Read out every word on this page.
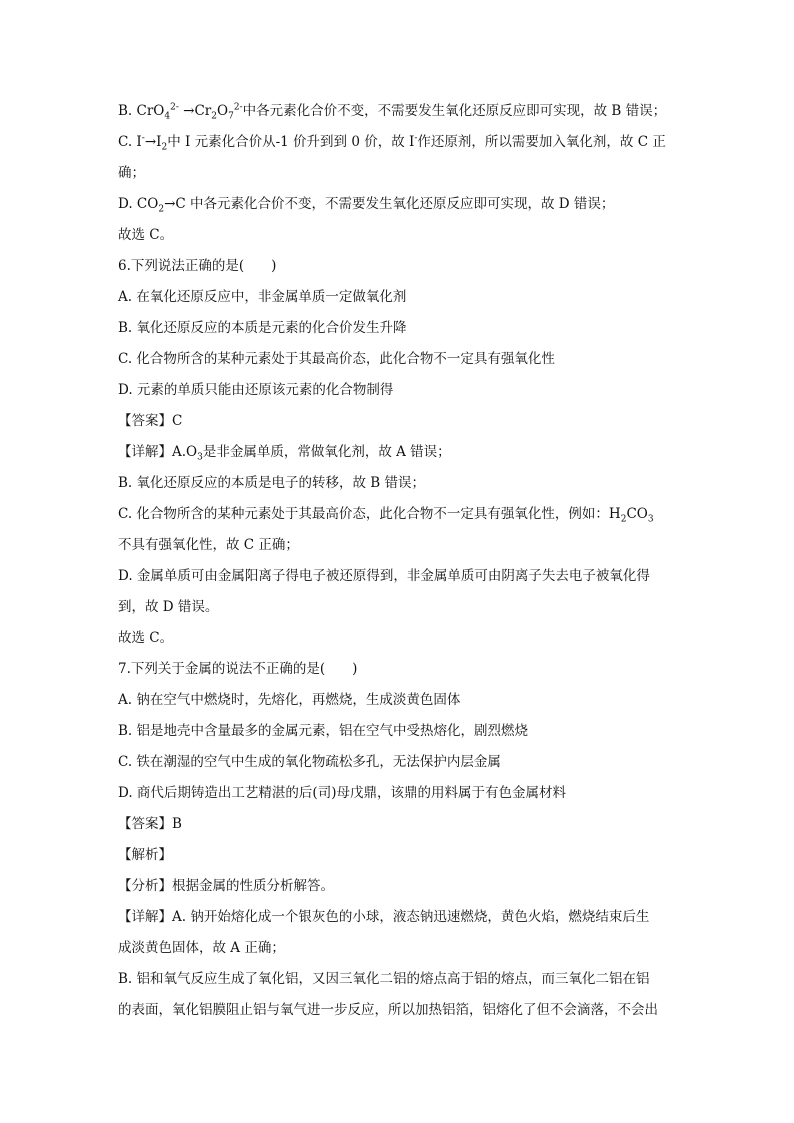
B. $CrO_4^{2-} \to Cr_2O_7^{2-}$中各元素化合价不变，不需要发生氧化还原反应即可实现，故 B 错误；
C. $I^-\to I_2$中 I 元素化合价从-1 价升到到 0 价，故 I-作还原剂，所以需要加入氧化剂，故 C 正
确；
D. $CO_2\to C$ 中各元素化合价不变，不需要发生氧化还原反应即可实现，故 D 错误；
故选 C。
6.下列说法正确的是(　　)
A. 在氧化还原反应中，非金属单质一定做氧化剂
B. 氧化还原反应的本质是元素的化合价发生升降
C. 化合物所含的某种元素处于其最高价态，此化合物不一定具有强氧化性
D. 元素的单质只能由还原该元素的化合物制得
【答案】C
【详解】$A.O_3$是非金属单质，常做氧化剂，故 A 错误；
B. 氧化还原反应的本质是电子的转移，故 B 错误；
C. 化合物所含的某种元素处于其最高价态，此化合物不一定具有强氧化性，例如：$H_2CO_3$
不具有强氧化性，故 C 正确；
D. 金属单质可由金属阳离子得电子被还原得到，非金属单质可由阴离子失去电子被氧化得
到，故 D 错误。
故选 C。
7.下列关于金属的说法不正确的是(　　)
A. 钠在空气中燃烧时，先熔化，再燃烧，生成淡黄色固体
B. 铝是地壳中含量最多的金属元素，铝在空气中受热熔化，剧烈燃烧
C. 铁在潮湿的空气中生成的氧化物疏松多孔，无法保护内层金属
D. 商代后期铸造出工艺精湛的后(司)母戊鼎，该鼎的用料属于有色金属材料
【答案】B
【解析】
【分析】根据金属的性质分析解答。
【详解】A. 钠开始熔化成一个银灰色的小球，液态钠迅速燃烧，黄色火焰，燃烧结束后生
成淡黄色固体，故 A 正确；
B. 铝和氧气反应生成了氧化铝，又因三氧化二铝的熔点高于铝的熔点，而三氧化二铝在铝
的表面，氧化铝膜阻止铝与氧气进一步反应，所以加热铝箔，铝熔化了但不会滴落，不会出
